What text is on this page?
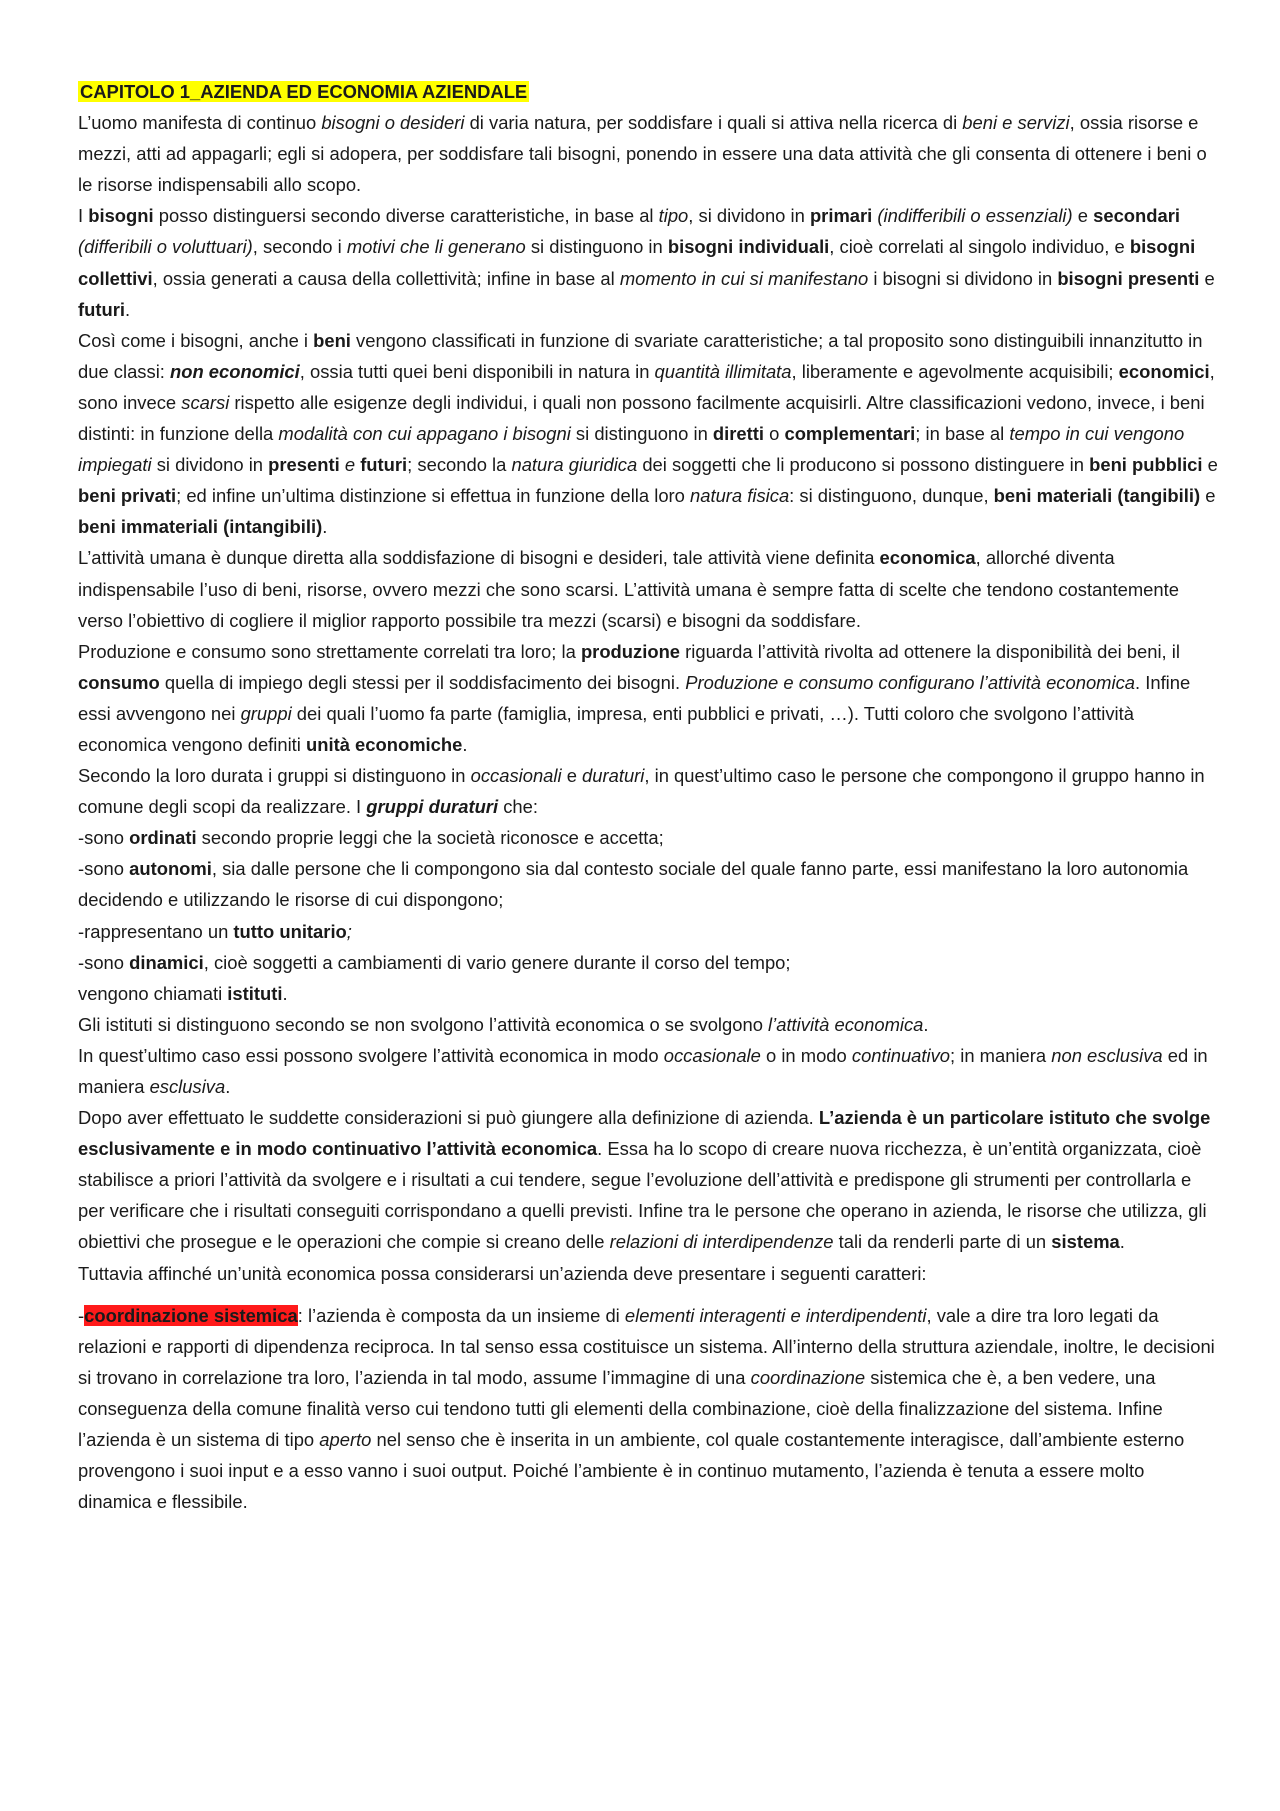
CAPITOLO 1_AZIENDA ED ECONOMIA AZIENDALE

L’uomo manifesta di continuo bisogni o desideri di varia natura, per soddisfare i quali si attiva nella ricerca di beni e servizi, ossia risorse e mezzi, atti ad appagarli; egli si adopera, per soddisfare tali bisogni, ponendo in essere una data attività che gli consenta di ottenere i beni o le risorse indispensabili allo scopo.

I bisogni posso distinguersi secondo diverse caratteristiche, in base al tipo, si dividono in primari (indifferibili o essenziali) e secondari (differibili o voluttuari), secondo i motivi che li generano si distinguono in bisogni individuali, cioè correlati al singolo individuo, e bisogni collettivi, ossia generati a causa della collettività; infine in base al momento in cui si manifestano i bisogni si dividono in bisogni presenti e futuri.

Così come i bisogni, anche i beni vengono classificati in funzione di svariate caratteristiche; a tal proposito sono distinguibili innanzitutto in due classi: non economici, ossia tutti quei beni disponibili in natura in quantità illimitata, liberamente e agevolmente acquisibili; economici, sono invece scarsi rispetto alle esigenze degli individui, i quali non possono facilmente acquisirli. Altre classificazioni vedono, invece, i beni distinti: in funzione della modalità con cui appagano i bisogni si distinguono in diretti o complementari; in base al tempo in cui vengono impiegati si dividono in presenti e futuri; secondo la natura giuridica dei soggetti che li producono si possono distinguere in beni pubblici e beni privati; ed infine un’ultima distinzione si effettua in funzione della loro natura fisica: si distinguono, dunque, beni materiali (tangibili) e beni immateriali (intangibili).

L’attività umana è dunque diretta alla soddisfazione di bisogni e desideri, tale attività viene definita economica, allorché diventa indispensabile l’uso di beni, risorse, ovvero mezzi che sono scarsi. L’attività umana è sempre fatta di scelte che tendono costantemente verso l’obiettivo di cogliere il miglior rapporto possibile tra mezzi (scarsi) e bisogni da soddisfare.

Produzione e consumo sono strettamente correlati tra loro; la produzione riguarda l’attività rivolta ad ottenere la disponibilità dei beni, il consumo quella di impiego degli stessi per il soddisfacimento dei bisogni. Produzione e consumo configurano l’attività economica. Infine essi avvengono nei gruppi dei quali l’uomo fa parte (famiglia, impresa, enti pubblici e privati, …). Tutti coloro che svolgono l’attività economica vengono definiti unità economiche.

Secondo la loro durata i gruppi si distinguono in occasionali e duraturi, in quest’ultimo caso le persone che compongono il gruppo hanno in comune degli scopi da realizzare. I gruppi duraturi che:

-sono ordinati secondo proprie leggi che la società riconosce e accetta;

-sono autonomi, sia dalle persone che li compongono sia dal contesto sociale del quale fanno parte, essi manifestano la loro autonomia decidendo e utilizzando le risorse di cui dispongono;

-rappresentano un tutto unitario;

-sono dinamici, cioè soggetti a cambiamenti di vario genere durante il corso del tempo;

vengono chiamati istituti.

Gli istituti si distinguono secondo se non svolgono l’attività economica o se svolgono l’attività economica.

In quest’ultimo caso essi possono svolgere l’attività economica in modo occasionale o in modo continuativo; in maniera non esclusiva ed in maniera esclusiva.

Dopo aver effettuato le suddette considerazioni si può giungere alla definizione di azienda. L’azienda è un particolare istituto che svolge esclusivamente e in modo continuativo l’attività economica. Essa ha lo scopo di creare nuova ricchezza, è un’entità organizzata, cioè stabilisce a priori l’attività da svolgere e i risultati a cui tendere, segue l’evoluzione dell’attività e predispone gli strumenti per controllarla e per verificare che i risultati conseguiti corrispondano a quelli previsti. Infine tra le persone che operano in azienda, le risorse che utilizza, gli obiettivi che prosegue e le operazioni che compie si creano delle relazioni di interdipendenze tali da renderli parte di un sistema.

Tuttavia affinché un’unità economica possa considerarsi un’azienda deve presentare i seguenti caratteri:

-coordinazione sistemica: l’azienda è composta da un insieme di elementi interagenti e interdipendenti, vale a dire tra loro legati da relazioni e rapporti di dipendenza reciproca. In tal senso essa costituisce un sistema. All’interno della struttura aziendale, inoltre, le decisioni si trovano in correlazione tra loro, l’azienda in tal modo, assume l’immagine di una coordinazione sistemica che è, a ben vedere, una conseguenza della comune finalità verso cui tendono tutti gli elementi della combinazione, cioè della finalizzazione del sistema. Infine l’azienda è un sistema di tipo aperto nel senso che è inserita in un ambiente, col quale costantemente interagisce, dall’ambiente esterno provengono i suoi input e a esso vanno i suoi output. Poiché l’ambiente è in continuo mutamento, l’azienda è tenuta a essere molto dinamica e flessibile.
